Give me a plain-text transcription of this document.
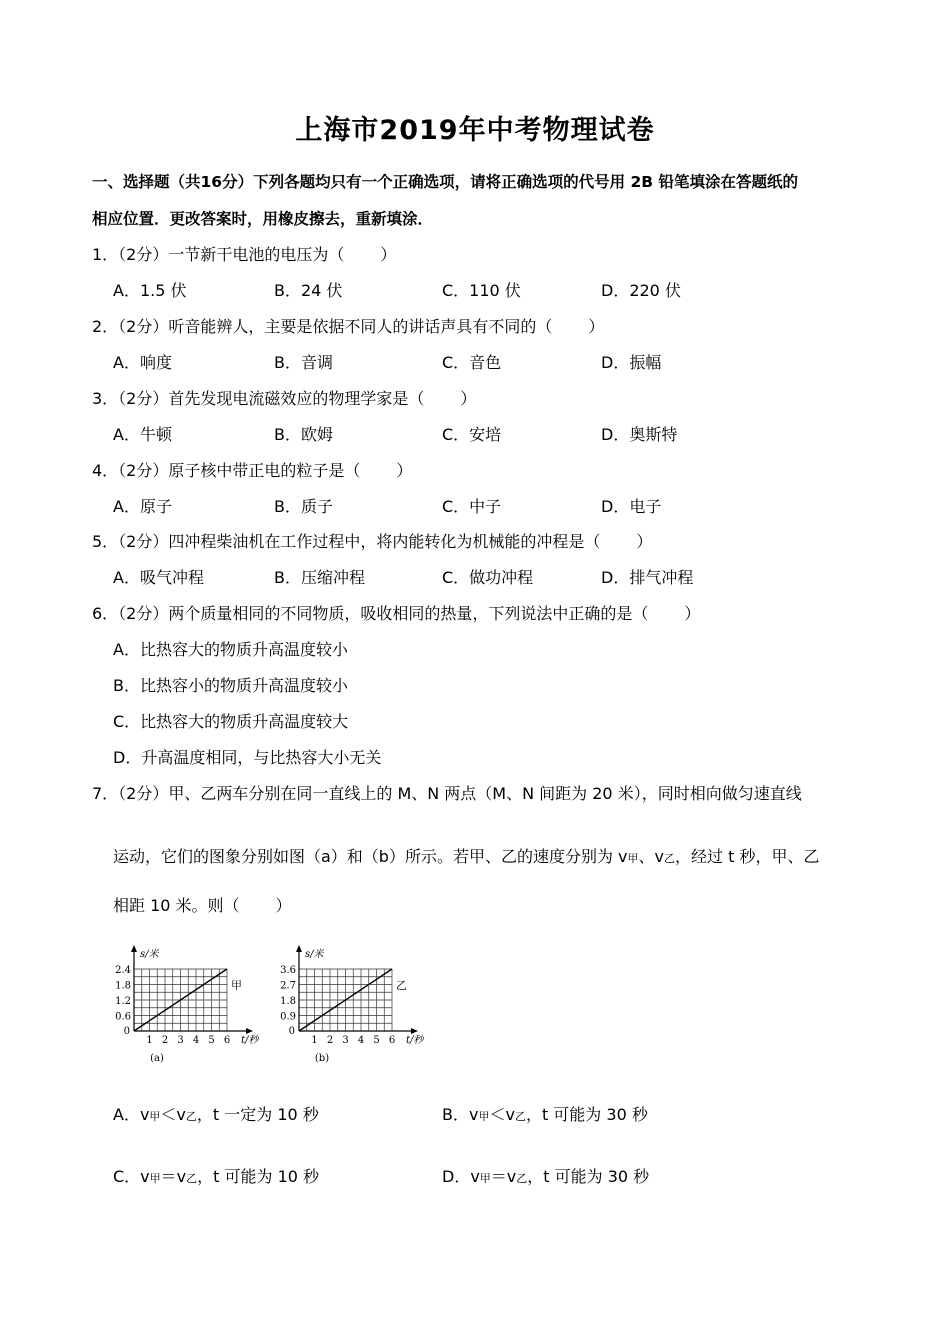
上海市2019年中考物理试卷
一、选择题（共16分）下列各题均只有一个正确选项，请将正确选项的代号用 2B 铅笔填涂在答题纸的
相应位置．更改答案时，用橡皮擦去，重新填涂．
1．（2分）一节新干电池的电压为（ ）
A．1.5 伏	B．24 伏	C．110 伏	D．220 伏
2．（2分）听音能辨人，主要是依据不同人的讲话声具有不同的（ ）
A．响度	B．音调	C．音色	D．振幅
3．（2分）首先发现电流磁效应的物理学家是（ ）
A．牛顿	B．欧姆	C．安培	D．奥斯特
4．（2分）原子核中带正电的粒子是（ ）
A．原子	B．质子	C．中子	D．电子
5．（2分）四冲程柴油机在工作过程中，将内能转化为机械能的冲程是（ ）
A．吸气冲程	B．压缩冲程	C．做功冲程	D．排气冲程
6．（2分）两个质量相同的不同物质，吸收相同的热量，下列说法中正确的是（ ）
A．比热容大的物质升高温度较小
B．比热容小的物质升高温度较小
C．比热容大的物质升高温度较大
D．升高温度相同，与比热容大小无关
7．（2分）甲、乙两车分别在同一直线上的 M、N 两点（M、N 间距为 20 米），同时相向做匀速直线
运动，它们的图象分别如图（a）和（b）所示。若甲、乙的速度分别为 v甲、v乙，经过 t 秒，甲、乙
相距 10 米。则（ ）
甲
0.6
1.2
1.8
2.4
0
1 2 3 4 5 6 t/秒
s/米
(a)
乙
0.9
1.8
2.7
3.6
0
1 2 3 4 5 6 t/秒
s/米
(b)
A．v甲＜v乙，t 一定为 10 秒	B．v甲＜v乙，t 可能为 30 秒
C．v甲＝v乙，t 可能为 10 秒	D．v甲＝v乙，t 可能为 30 秒
